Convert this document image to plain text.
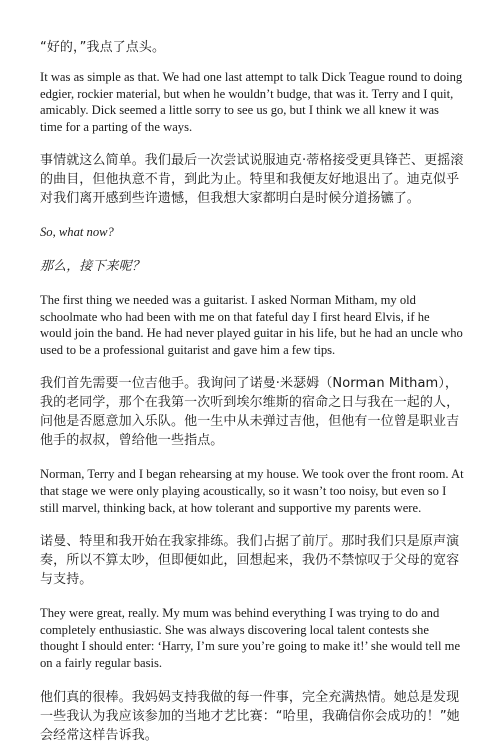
“好的，”我点了点头。

It was as simple as that. We had one last attempt to talk Dick Teague round to doing edgier, rockier material, but when he wouldn’t budge, that was it. Terry and I quit, amicably. Dick seemed a little sorry to see us go, but I think we all knew it was time for a parting of the ways.

事情就这么简单。我们最后一次尝试说服迪克·蒂格接受更具锋芒、更摇滚的曲目，但他执意不肯，到此为止。特里和我便友好地退出了。迪克似乎对我们离开感到些许遗憾，但我想大家都明白是时候分道扬镳了。

So, what now?

那么，接下来呢？

The first thing we needed was a guitarist. I asked Norman Mitham, my old schoolmate who had been with me on that fateful day I first heard Elvis, if he would join the band. He had never played guitar in his life, but he had an uncle who used to be a professional guitarist and gave him a few tips.

我们首先需要一位吉他手。我询问了诺曼·米瑟姆（Norman Mitham），我的老同学，那个在我第一次听到埃尔维斯的宿命之日与我在一起的人，问他是否愿意加入乐队。他一生中从未弹过吉他，但他有一位曾是职业吉他手的叔叔，曾给他一些指点。

Norman, Terry and I began rehearsing at my house. We took over the front room. At that stage we were only playing acoustically, so it wasn’t too noisy, but even so I still marvel, thinking back, at how tolerant and supportive my parents were.

诺曼、特里和我开始在我家排练。我们占据了前厅。那时我们只是原声演奏，所以不算太吵，但即便如此，回想起来，我仍不禁惊叹于父母的宽容与支持。

They were great, really. My mum was behind everything I was trying to do and completely enthusiastic. She was always discovering local talent contests she thought I should enter: ‘Harry, I’m sure you’re going to make it!’ she would tell me on a fairly regular basis.

他们真的很棒。我妈妈支持我做的每一件事，完全充满热情。她总是发现一些我认为我应该参加的当地才艺比赛：“哈里，我确信你会成功的！”她会经常这样告诉我。
